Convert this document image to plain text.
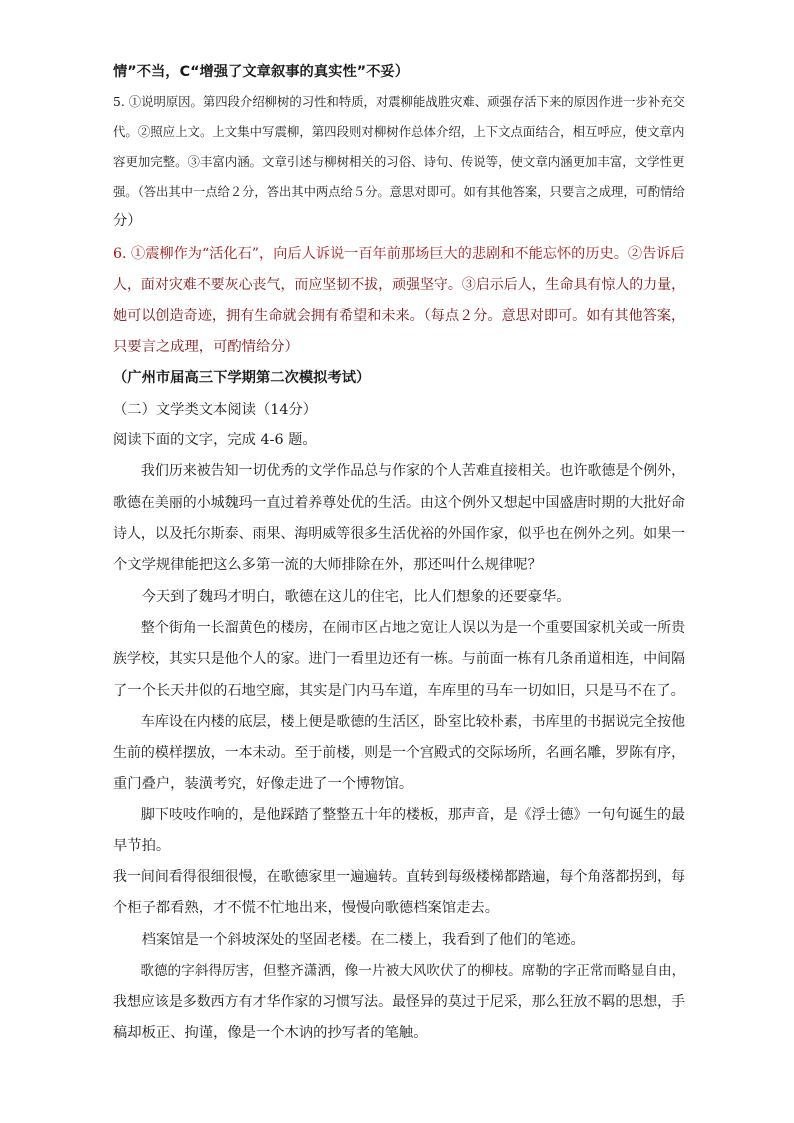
情”不当，C“增强了文章叙事的真实性”不妥）
5. ①说明原因。第四段介绍柳树的习性和特质，对震柳能战胜灾难、顽强存活下来的原因作进一步补充交
代。②照应上文。上文集中写震柳，第四段则对柳树作总体介绍，上下文点面结合，相互呼应，使文章内
容更加完整。③丰富内涵。文章引述与柳树相关的习俗、诗句、传说等，使文章内涵更加丰富，文学性更
强。（答出其中一点给２分，答出其中两点给５分。意思对即可。如有其他答案，只要言之成理，可酌情给
分）
6. ①震柳作为“活化石”，向后人诉说一百年前那场巨大的悲剧和不能忘怀的历史。②告诉后
人，面对灾难不要灰心丧气，而应坚韧不拔，顽强坚守。③启示后人，生命具有惊人的力量，
她可以创造奇迹，拥有生命就会拥有希望和未来。（每点２分。意思对即可。如有其他答案，
只要言之成理，可酌情给分）
（广州市届高三下学期第二次模拟考试）
（二）文学类文本阅读（14分）
阅读下面的文字，完成 4-6 题。
　　我们历来被告知一切优秀的文学作品总与作家的个人苦难直接相关。也许歌德是个例外，
歌德在美丽的小城魏玛一直过着养尊处优的生活。由这个例外又想起中国盛唐时期的大批好命
诗人，以及托尔斯泰、雨果、海明威等很多生活优裕的外国作家，似乎也在例外之列。如果一
个文学规律能把这么多第一流的大师排除在外，那还叫什么规律呢？
　　今天到了魏玛才明白，歌德在这儿的住宅，比人们想象的还要豪华。
　　整个街角一长溜黄色的楼房，在闹市区占地之宽让人误以为是一个重要国家机关或一所贵
族学校，其实只是他个人的家。进门一看里边还有一栋。与前面一栋有几条甬道相连，中间隔
了一个长天井似的石地空廊，其实是门内马车道，车库里的马车一切如旧，只是马不在了。
　　车库设在内楼的底层，楼上便是歌德的生活区，卧室比较朴素，书库里的书据说完全按他
生前的模样摆放，一本未动。至于前楼，则是一个宫殿式的交际场所，名画名雕，罗陈有序，
重门叠户，装潢考究，好像走进了一个博物馆。
　　脚下吱吱作响的，是他踩踏了整整五十年的楼板，那声音，是《浮士德》一句句诞生的最
早节拍。
我一间间看得很细很慢，在歌德家里一遍遍转。直转到每级楼梯都踏遍，每个角落都拐到，每
个柜子都看熟，才不慌不忙地出来，慢慢向歌德档案馆走去。
　　档案馆是一个斜坡深处的坚固老楼。在二楼上，我看到了他们的笔迹。
　　歌德的字斜得厉害，但整齐潇洒，像一片被大风吹伏了的柳枝。席勒的字正常而略显自由，
我想应该是多数西方有才华作家的习惯写法。最怪异的莫过于尼采，那么狂放不羁的思想，手
稿却板正、拘谨，像是一个木讷的抄写者的笔触。
